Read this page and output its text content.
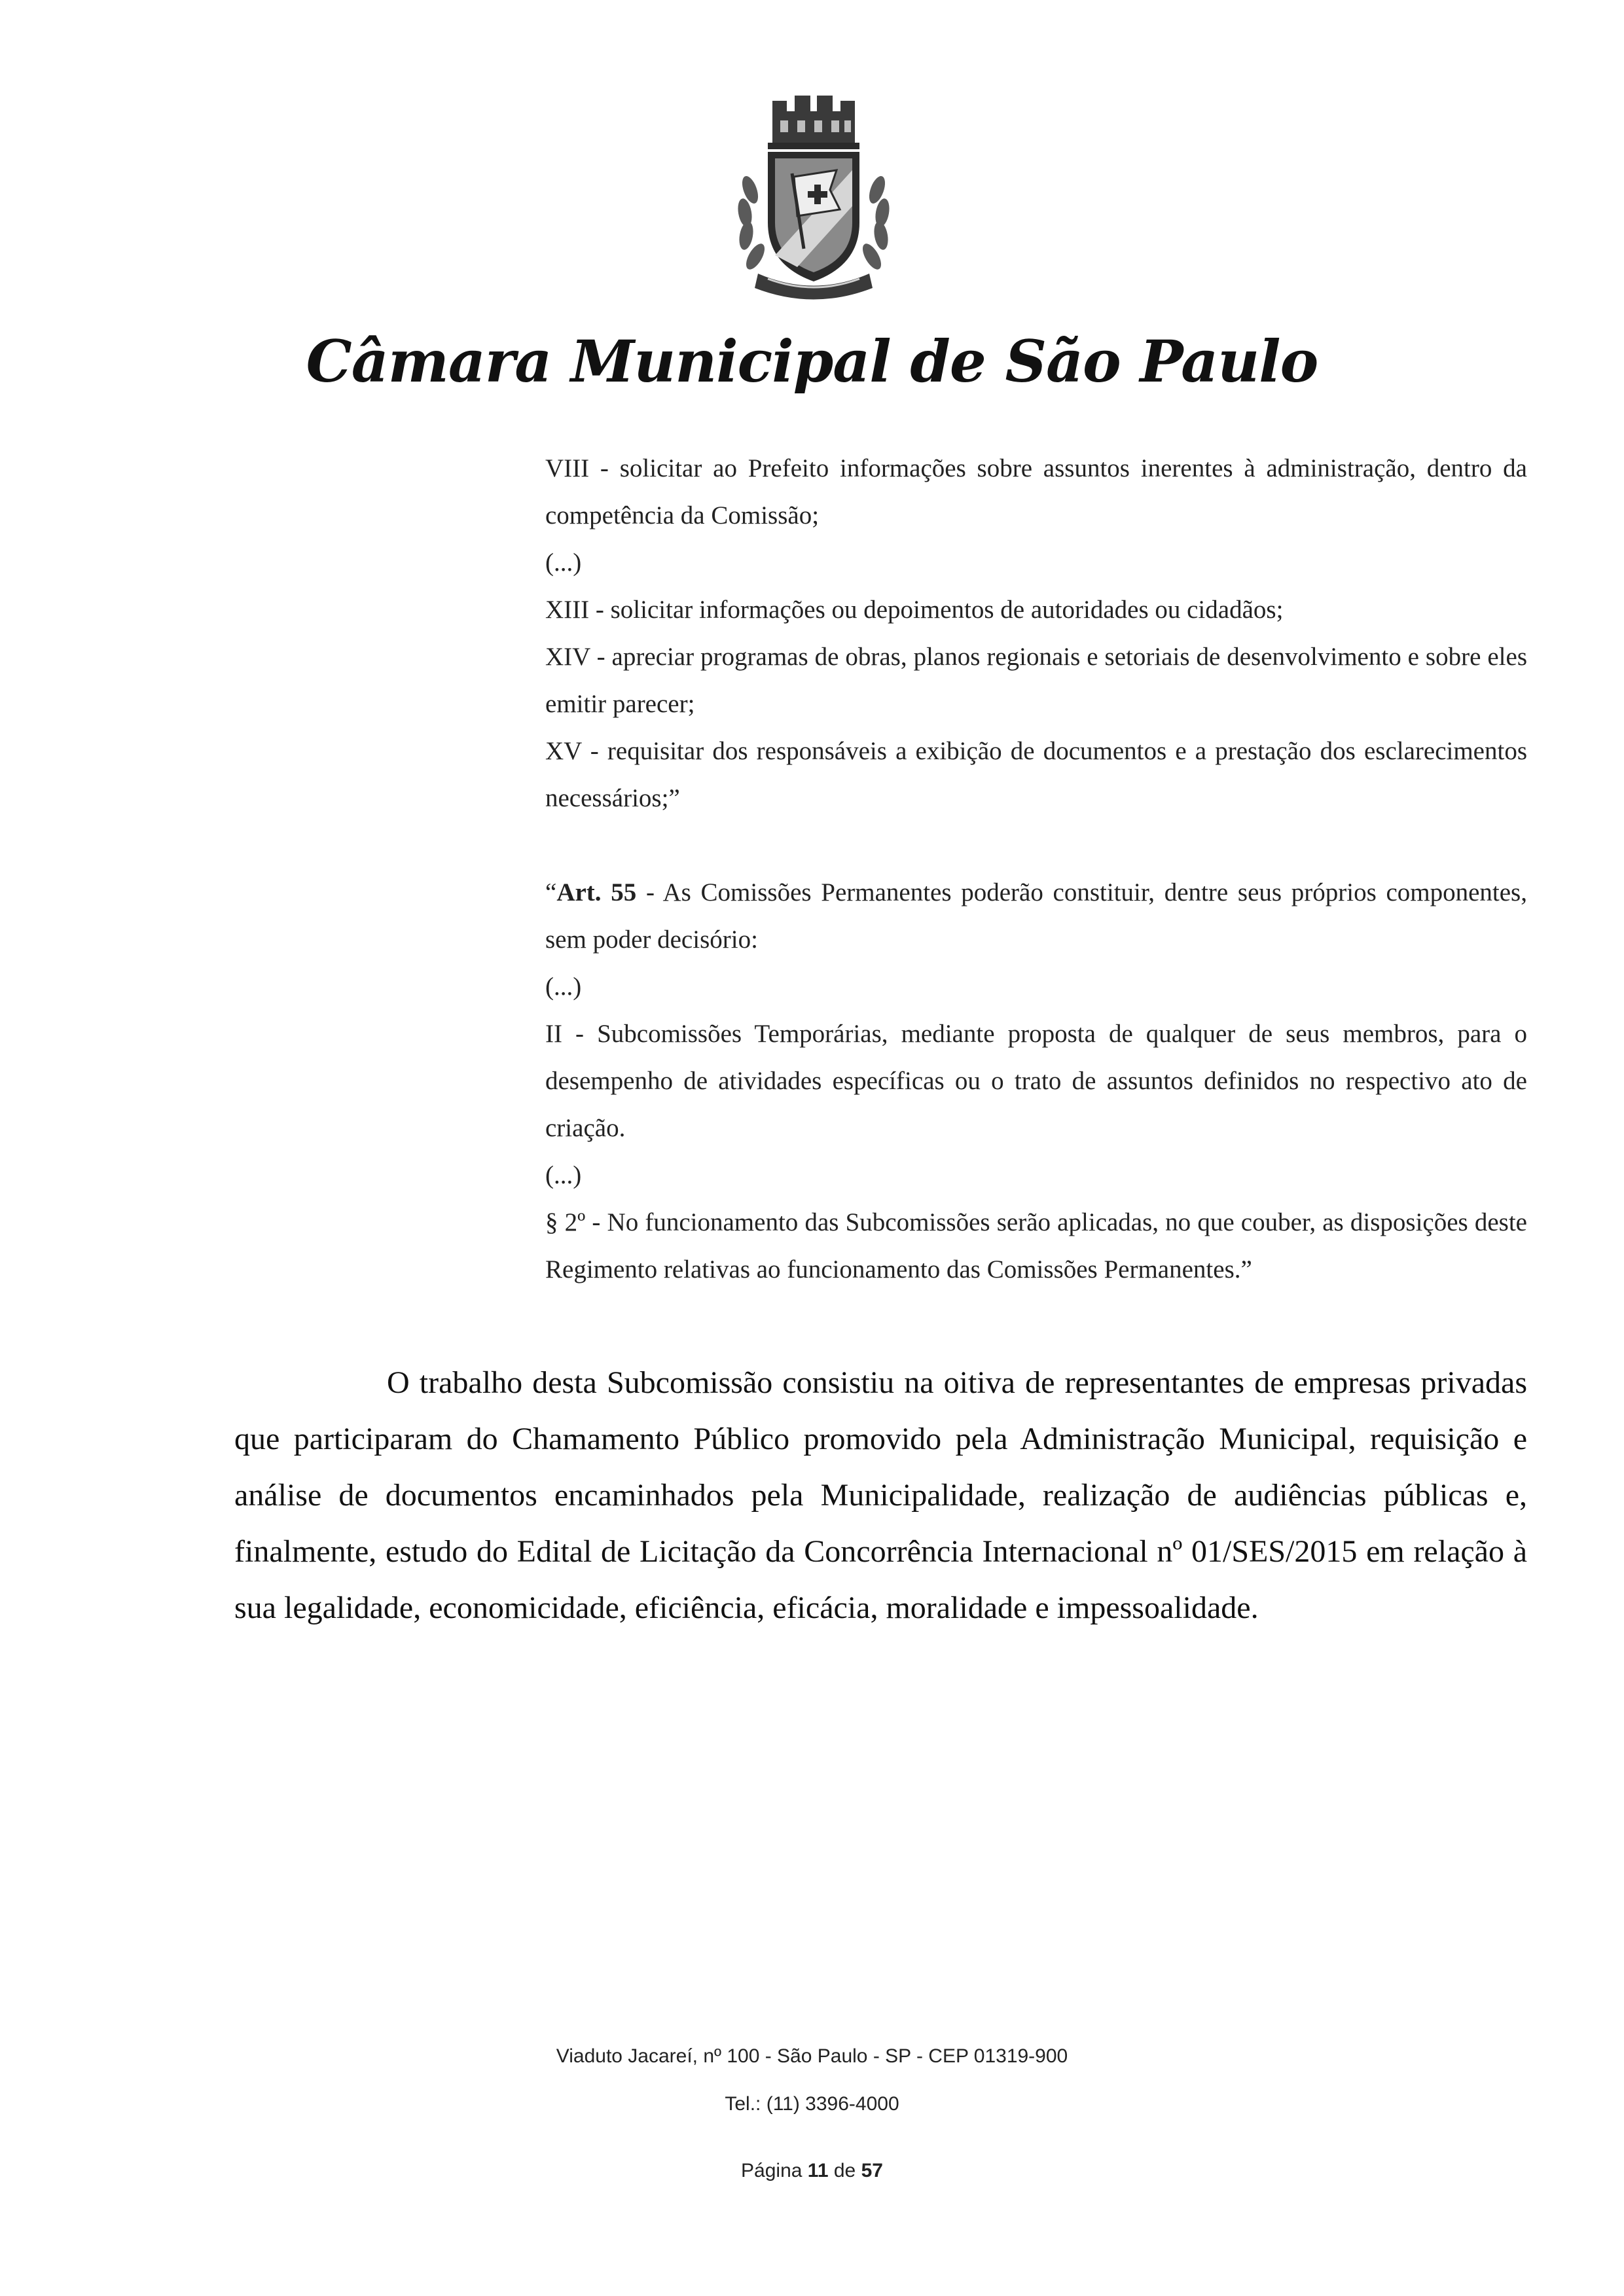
Câmara Municipal de São Paulo

VIII - solicitar ao Prefeito informações sobre assuntos inerentes à administração, dentro da competência da Comissão;

(...)

XIII - solicitar informações ou depoimentos de autoridades ou cidadãos;

XIV - apreciar programas de obras, planos regionais e setoriais de desenvolvimento e sobre eles emitir parecer;

XV - requisitar dos responsáveis a exibição de documentos e a prestação dos esclarecimentos necessários;”

“Art. 55 - As Comissões Permanentes poderão constituir, dentre seus próprios componentes, sem poder decisório:

(...)

II - Subcomissões Temporárias, mediante proposta de qualquer de seus membros, para o desempenho de atividades específicas ou o trato de assuntos definidos no respectivo ato de criação.

(...)

§ 2º - No funcionamento das Subcomissões serão aplicadas, no que couber, as disposições deste Regimento relativas ao funcionamento das Comissões Permanentes.”

O trabalho desta Subcomissão consistiu na oitiva de representantes de empresas privadas que participaram do Chamamento Público promovido pela Administração Municipal, requisição e análise de documentos encaminhados pela Municipalidade, realização de audiências públicas e, finalmente, estudo do Edital de Licitação da Concorrência Internacional nº 01/SES/2015 em relação à sua legalidade, economicidade, eficiência, eficácia, moralidade e impessoalidade.

Viaduto Jacareí, nº 100 - São Paulo - SP - CEP 01319-900
Tel.: (11) 3396-4000
Página 11 de 57
